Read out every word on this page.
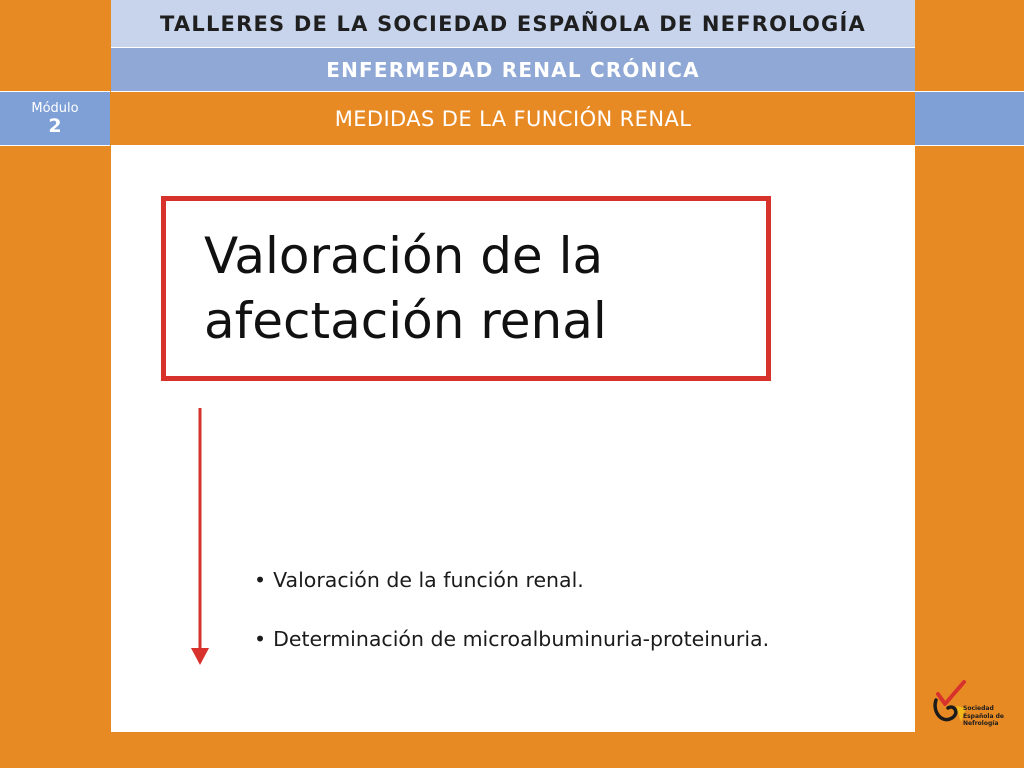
TALLERES DE LA SOCIEDAD ESPAÑOLA DE NEFROLOGÍA
ENFERMEDAD RENAL CRÓNICA
Módulo
2	MEDIDAS DE LA FUNCIÓN RENAL
Valoración de la
afectación renal
• Valoración de la función renal.
• Determinación de microalbuminuria-proteinuria.
Sociedad
Española de
Nefrología
